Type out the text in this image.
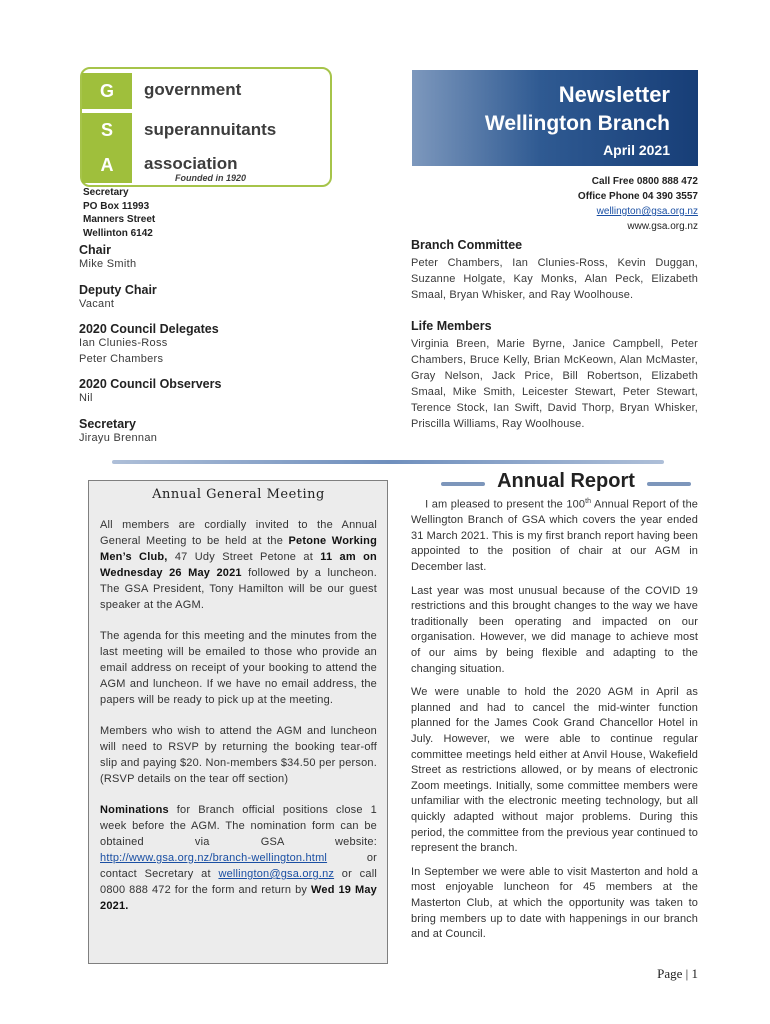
G	government
S	superannuitants
A	association
Founded in 1920
Secretary
PO Box 11993
Manners Street
Wellinton 6142
Newsletter
Wellington Branch
April 2021
Call Free 0800 888 472
Office Phone 04 390 3557
wellington@gsa.org.nz
www.gsa.org.nz
Chair

Mike Smith

Deputy Chair

Vacant

2020 Council Delegates

Ian Clunies-Ross

Peter Chambers

2020 Council Observers

Nil

Secretary

Jirayu Brennan

Branch Committee

Peter Chambers, Ian Clunies-Ross, Kevin Duggan, Suzanne Holgate, Kay Monks, Alan Peck, Elizabeth Smaal, Bryan Whisker, and Ray Woolhouse.

Life Members

Virginia Breen, Marie Byrne, Janice Campbell, Peter Chambers, Bruce Kelly, Brian McKeown, Alan McMaster, Gray Nelson, Jack Price, Bill Robertson, Elizabeth Smaal, Mike Smith, Leicester Stewart, Peter Stewart, Terence Stock, Ian Swift, David Thorp, Bryan Whisker, Priscilla Williams, Ray Woolhouse.

Annual General Meeting

All members are cordially invited to the Annual General Meeting to be held at the Petone Working Men’s Club, 47 Udy Street Petone at 11 am on Wednesday 26 May 2021 followed by a luncheon. The GSA President, Tony Hamilton will be our guest speaker at the AGM.

The agenda for this meeting and the minutes from the last meeting will be emailed to those who provide an email address on receipt of your booking to attend the AGM and luncheon. If we have no email address, the papers will be ready to pick up at the meeting.

Members who wish to attend the AGM and luncheon will need to RSVP by returning the booking tear-off slip and paying $20. Non-members $34.50 per person. (RSVP details on the tear off section)

Nominations for Branch official positions close 1 week before the AGM. The nomination form can be obtained via GSA website: http://www.gsa.org.nz/branch-wellington.html or contact Secretary at wellington@gsa.org.nz or call 0800 888 472 for the form and return by Wed 19 May 2021.

Annual Report

I am pleased to present the 100th Annual Report of the Wellington Branch of GSA which covers the year ended 31 March 2021. This is my first branch report having been appointed to the position of chair at our AGM in December last.

Last year was most unusual because of the COVID 19 restrictions and this brought changes to the way we have traditionally been operating and impacted on our organisation. However, we did manage to achieve most of our aims by being flexible and adapting to the changing situation.

We were unable to hold the 2020 AGM in April as planned and had to cancel the mid-winter function planned for the James Cook Grand Chancellor Hotel in July. However, we were able to continue regular committee meetings held either at Anvil House, Wakefield Street as restrictions allowed, or by means of electronic Zoom meetings. Initially, some committee members were unfamiliar with the electronic meeting technology, but all quickly adapted without major problems. During this period, the committee from the previous year continued to represent the branch.

In September we were able to visit Masterton and hold a most enjoyable luncheon for 45 members at the Masterton Club, at which the opportunity was taken to bring members up to date with happenings in our branch and at Council.

Page | 1
